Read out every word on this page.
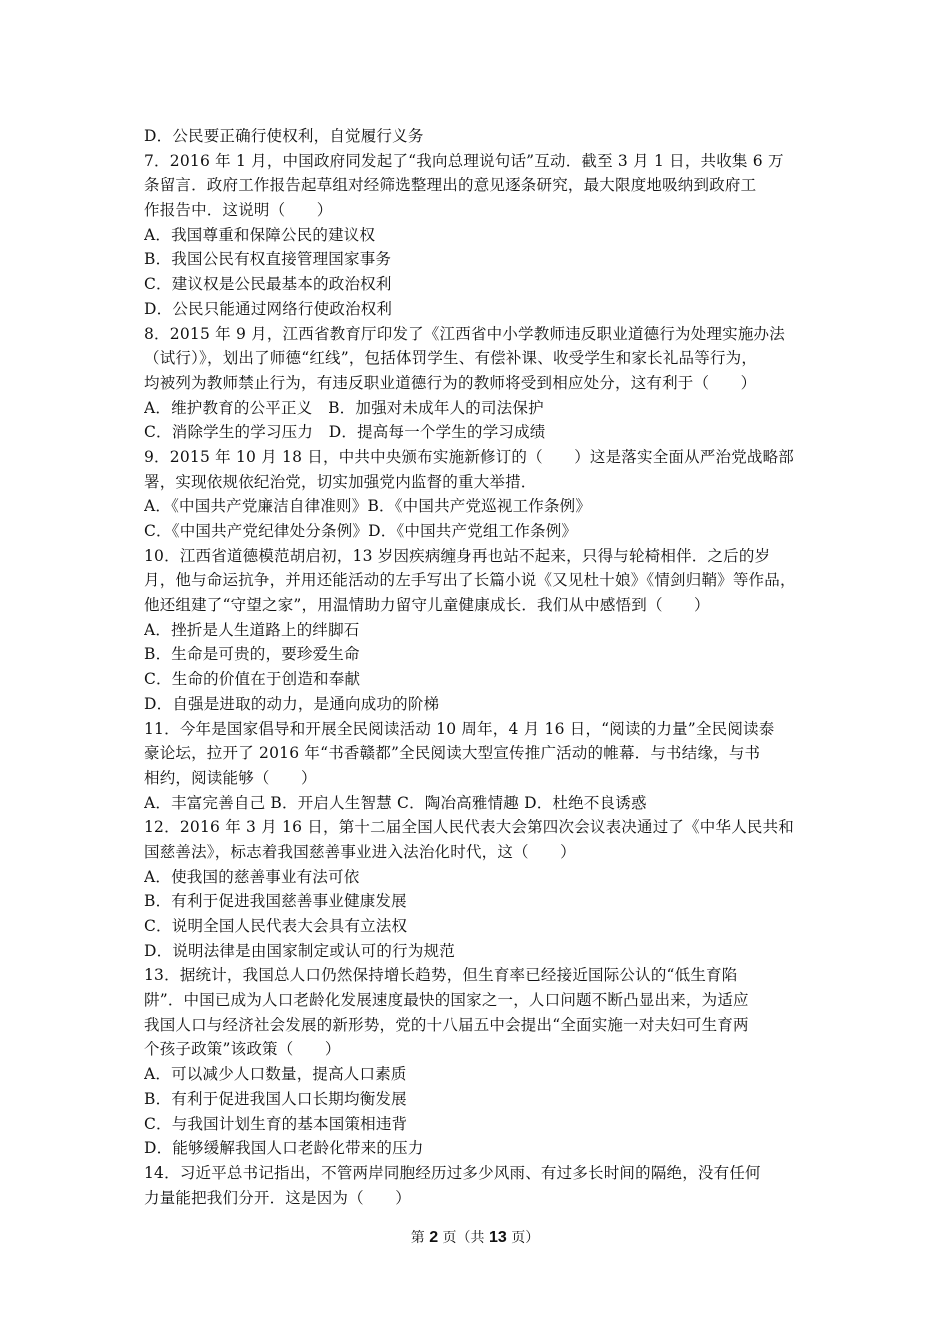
D．公民要正确行使权利，自觉履行义务
7．2016 年 1 月，中国政府同发起了“我向总理说句话”互动．截至 3 月 1 日，共收集 6 万
条留言．政府工作报告起草组对经筛选整理出的意见逐条研究，最大限度地吸纳到政府工
作报告中．这说明（　　）
A．我国尊重和保障公民的建议权
B．我国公民有权直接管理国家事务
C．建议权是公民最基本的政治权利
D．公民只能通过网络行使政治权利
8．2015 年 9 月，江西省教育厅印发了《江西省中小学教师违反职业道德行为处理实施办法
（试行）》，划出了师德“红线”，包括体罚学生、有偿补课、收受学生和家长礼品等行为，
均被列为教师禁止行为，有违反职业道德行为的教师将受到相应处分，这有利于（　　）
A．维护教育的公平正义　B．加强对未成年人的司法保护
C．消除学生的学习压力　D．提高每一个学生的学习成绩
9．2015 年 10 月 18 日，中共中央颁布实施新修订的（　　）这是落实全面从严治党战略部
署，实现依规依纪治党，切实加强党内监督的重大举措．
A．《中国共产党廉洁自律准则》B．《中国共产党巡视工作条例》
C．《中国共产党纪律处分条例》D．《中国共产党组工作条例》
10．江西省道德模范胡启初，13 岁因疾病缠身再也站不起来，只得与轮椅相伴．之后的岁
月，他与命运抗争，并用还能活动的左手写出了长篇小说《又见杜十娘》《情剑归鞘》等作品，
他还组建了“守望之家”，用温情助力留守儿童健康成长．我们从中感悟到（　　）
A．挫折是人生道路上的绊脚石
B．生命是可贵的，要珍爱生命
C．生命的价值在于创造和奉献
D．自强是进取的动力，是通向成功的阶梯
11．今年是国家倡导和开展全民阅读活动 10 周年，4 月 16 日，“阅读的力量”全民阅读泰
豪论坛，拉开了 2016 年“书香赣都”全民阅读大型宣传推广活动的帷幕．与书结缘，与书
相约，阅读能够（　　）
A．丰富完善自己 B．开启人生智慧 C．陶冶高雅情趣 D．杜绝不良诱惑
12．2016 年 3 月 16 日，第十二届全国人民代表大会第四次会议表决通过了《中华人民共和
国慈善法》，标志着我国慈善事业进入法治化时代，这（　　）
A．使我国的慈善事业有法可依
B．有利于促进我国慈善事业健康发展
C．说明全国人民代表大会具有立法权
D．说明法律是由国家制定或认可的行为规范
13．据统计，我国总人口仍然保持增长趋势，但生育率已经接近国际公认的“低生育陷
阱”．中国已成为人口老龄化发展速度最快的国家之一，人口问题不断凸显出来，为适应
我国人口与经济社会发展的新形势，党的十八届五中会提出“全面实施一对夫妇可生育两
个孩子政策”该政策（　　）
A．可以减少人口数量，提高人口素质
B．有利于促进我国人口长期均衡发展
C．与我国计划生育的基本国策相违背
D．能够缓解我国人口老龄化带来的压力
14．习近平总书记指出，不管两岸同胞经历过多少风雨、有过多长时间的隔绝，没有任何
力量能把我们分开．这是因为（　　）
第 2 页（共 13 页）
